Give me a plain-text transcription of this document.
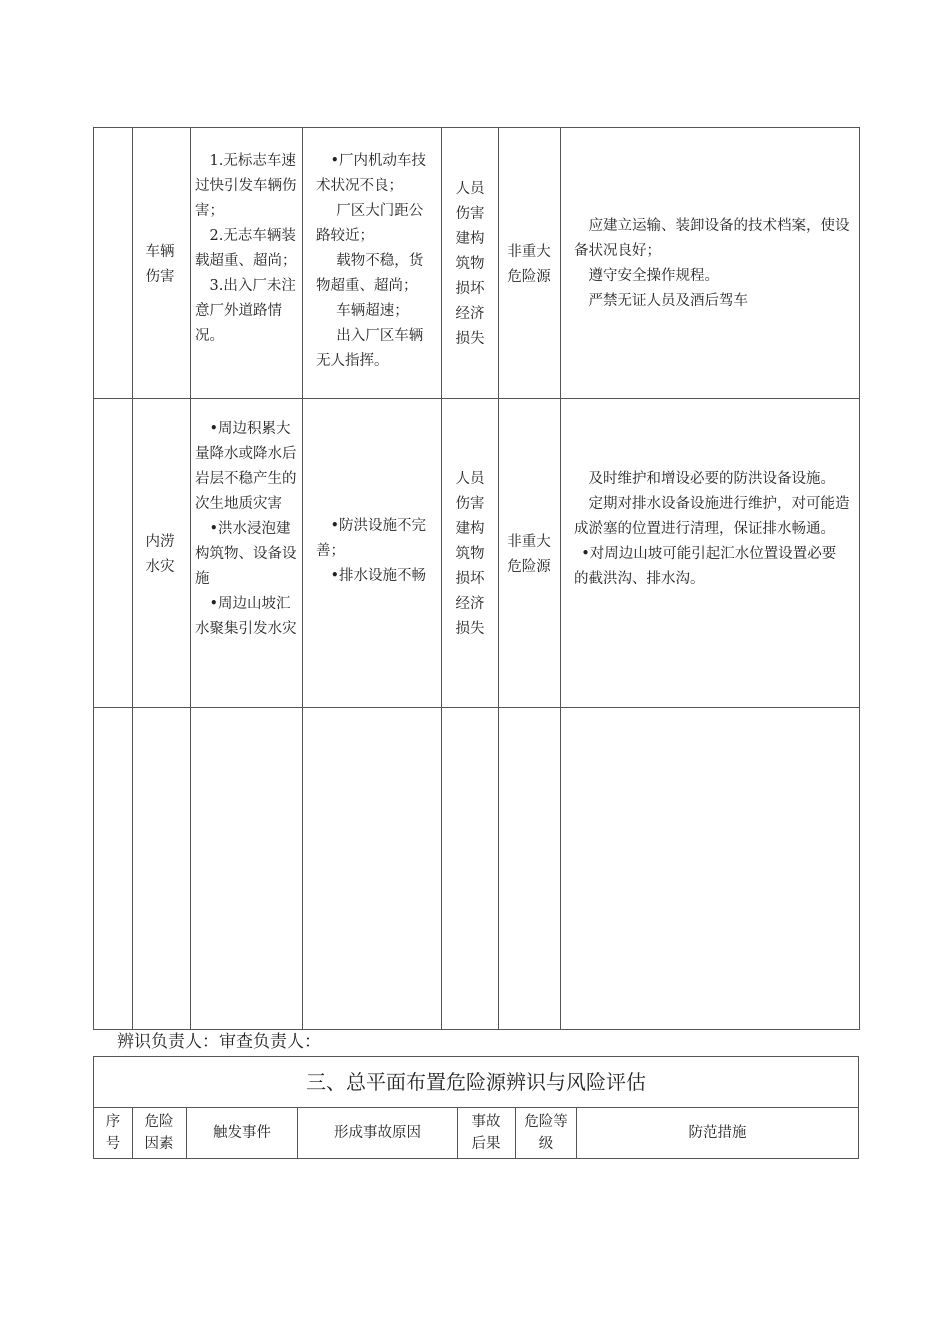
车辆伤害

1.无标志车速过快引发车辆伤害；

2.无志车辆装载超重、超尚；

3.出入厂未注意厂外道路情况。

•厂内机动车技术状况不良；

厂区大门距公路较近；

载物不稳，货物超重、超尚；

车辆超速；

出入厂区车辆无人指挥。

人员伤害建构筑物损坏经济损失
非重大危险源

应建立运输、装卸设备的技术档案，使设备状况良好；

遵守安全操作规程。

严禁无证人员及酒后驾车

内涝水灾

•周边积累大量降水或降水后岩层不稳产生的次生地质灾害

•洪水浸泡建构筑物、设备设施

•周边山坡汇水聚集引发水灾

•防洪设施不完善；

•排水设施不畅

人员伤害建构筑物损坏经济损失
非重大危险源

及时维护和增设必要的防洪设备设施。

定期对排水设备设施进行维护，对可能造成淤塞的位置进行清理，保证排水畅通。

•对周边山坡可能引起汇水位置设置必要的截洪沟、排水沟。

辨识负责人：审查负责人：
三、总平面布置危险源辨识与风险评估
序号
危险因素
触发事件	形成事故原因
事故后果
危险等级
防范措施
